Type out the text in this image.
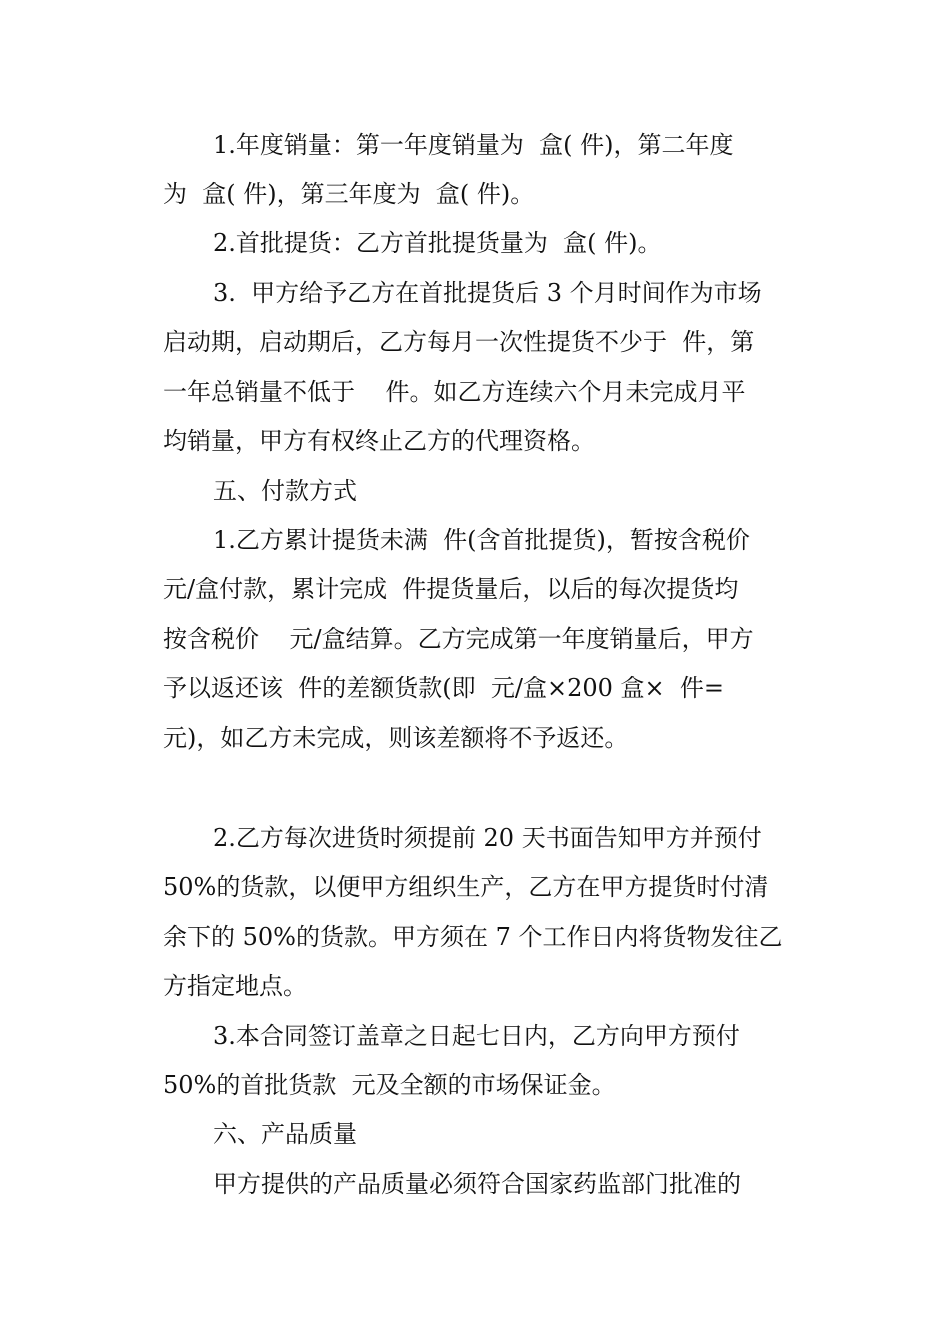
1.年度销量：第一年度销量为  盒( 件)，第二年度
为  盒( 件)，第三年度为  盒( 件)。
2.首批提货：乙方首批提货量为  盒( 件)。
3.  甲方给予乙方在首批提货后 3 个月时间作为市场
启动期，启动期后，乙方每月一次性提货不少于  件，第
一年总销量不低于    件。如乙方连续六个月未完成月平
均销量，甲方有权终止乙方的代理资格。
五、付款方式
1.乙方累计提货未满  件(含首批提货)，暂按含税价
元/盒付款，累计完成  件提货量后，以后的每次提货均
按含税价    元/盒结算。乙方完成第一年度销量后，甲方
予以返还该  件的差额货款(即  元/盒×200 盒×  件=
元)，如乙方未完成，则该差额将不予返还。
2.乙方每次进货时须提前 20 天书面告知甲方并预付
50%的货款，以便甲方组织生产，乙方在甲方提货时付清
余下的 50%的货款。甲方须在 7 个工作日内将货物发往乙
方指定地点。
3.本合同签订盖章之日起七日内，乙方向甲方预付
50%的首批货款  元及全额的市场保证金。
六、产品质量
甲方提供的产品质量必须符合国家药监部门批准的
